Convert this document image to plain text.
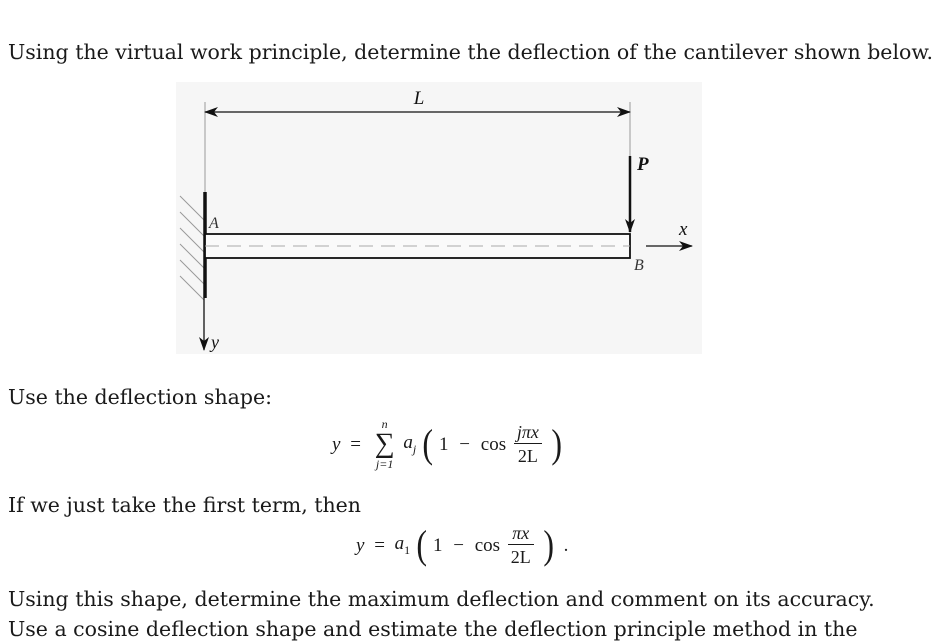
Using the virtual work principle, determine the deflection of the cantilever shown below.

L
A
P
x
B
y

Use the deflection shape:

y =
n
∑
j=1
$a_j$ ( $1 - \cos \frac{\text{jπx}}{2L}$ )

If we just take the first term, then

$y = a_1$ ( $1 - \cos \frac{\pi x}{2L}$ ) .

Using this shape, determine the maximum deflection and comment on its accuracy.

Use a cosine deflection shape and estimate the deflection principle method in the
